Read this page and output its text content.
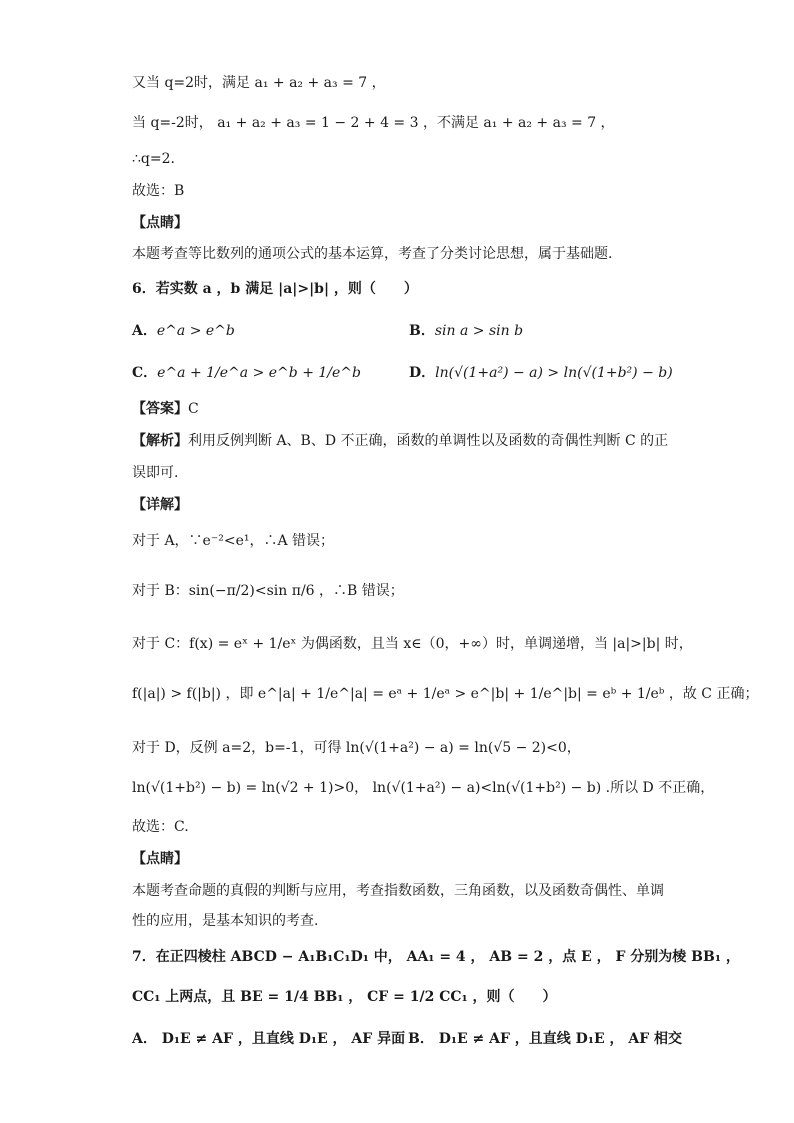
又当 q=2时，满足 a₁ + a₂ + a₃ = 7 ，
当 q=-2时， a₁ + a₂ + a₃ = 1 − 2 + 4 = 3 ，不满足 a₁ + a₂ + a₃ = 7 ，
∴q=2.
故选：B
【点睛】
本题考查等比数列的通项公式的基本运算，考查了分类讨论思想，属于基础题.
6．若实数 a ，b 满足 |a|>|b| ，则（　　）
A．e^a > e^b	B．sin a > sin b
C．e^a + 1/e^a > e^b + 1/e^b	D．ln(√(1+a²) − a) > ln(√(1+b²) − b)
【答案】C
【解析】利用反例判断 A、B、D 不正确，函数的单调性以及函数的奇偶性判断 C 的正
误即可.
【详解】
对于 A，∵e⁻²<e¹，∴A 错误；
对于 B：sin(−π/2)<sin π/6 ，∴B 错误；
对于 C：f(x) = eˣ + 1/eˣ 为偶函数，且当 x∈（0，+∞）时，单调递增，当 |a|>|b| 时，
f(|a|) > f(|b|) ，即 e^|a| + 1/e^|a| = eᵃ + 1/eᵃ > e^|b| + 1/e^|b| = eᵇ + 1/eᵇ ，故 C 正确；
对于 D，反例 a=2，b=-1，可得 ln(√(1+a²) − a) = ln(√5 − 2)<0，
ln(√(1+b²) − b) = ln(√2 + 1)>0， ln(√(1+a²) − a)<ln(√(1+b²) − b) .所以 D 不正确，
故选：C.
【点睛】
本题考查命题的真假的判断与应用，考查指数函数，三角函数，以及函数奇偶性、单调
性的应用，是基本知识的考查.
7．在正四棱柱 ABCD − A₁B₁C₁D₁ 中， AA₁ = 4 ， AB = 2 ，点 E ， F 分别为棱 BB₁ ，
CC₁ 上两点，且 BE = 1/4 BB₁ ， CF = 1/2 CC₁ ，则（　　）
A． D₁E ≠ AF ，且直线 D₁E ， AF 异面 B． D₁E ≠ AF ，且直线 D₁E ， AF 相交
